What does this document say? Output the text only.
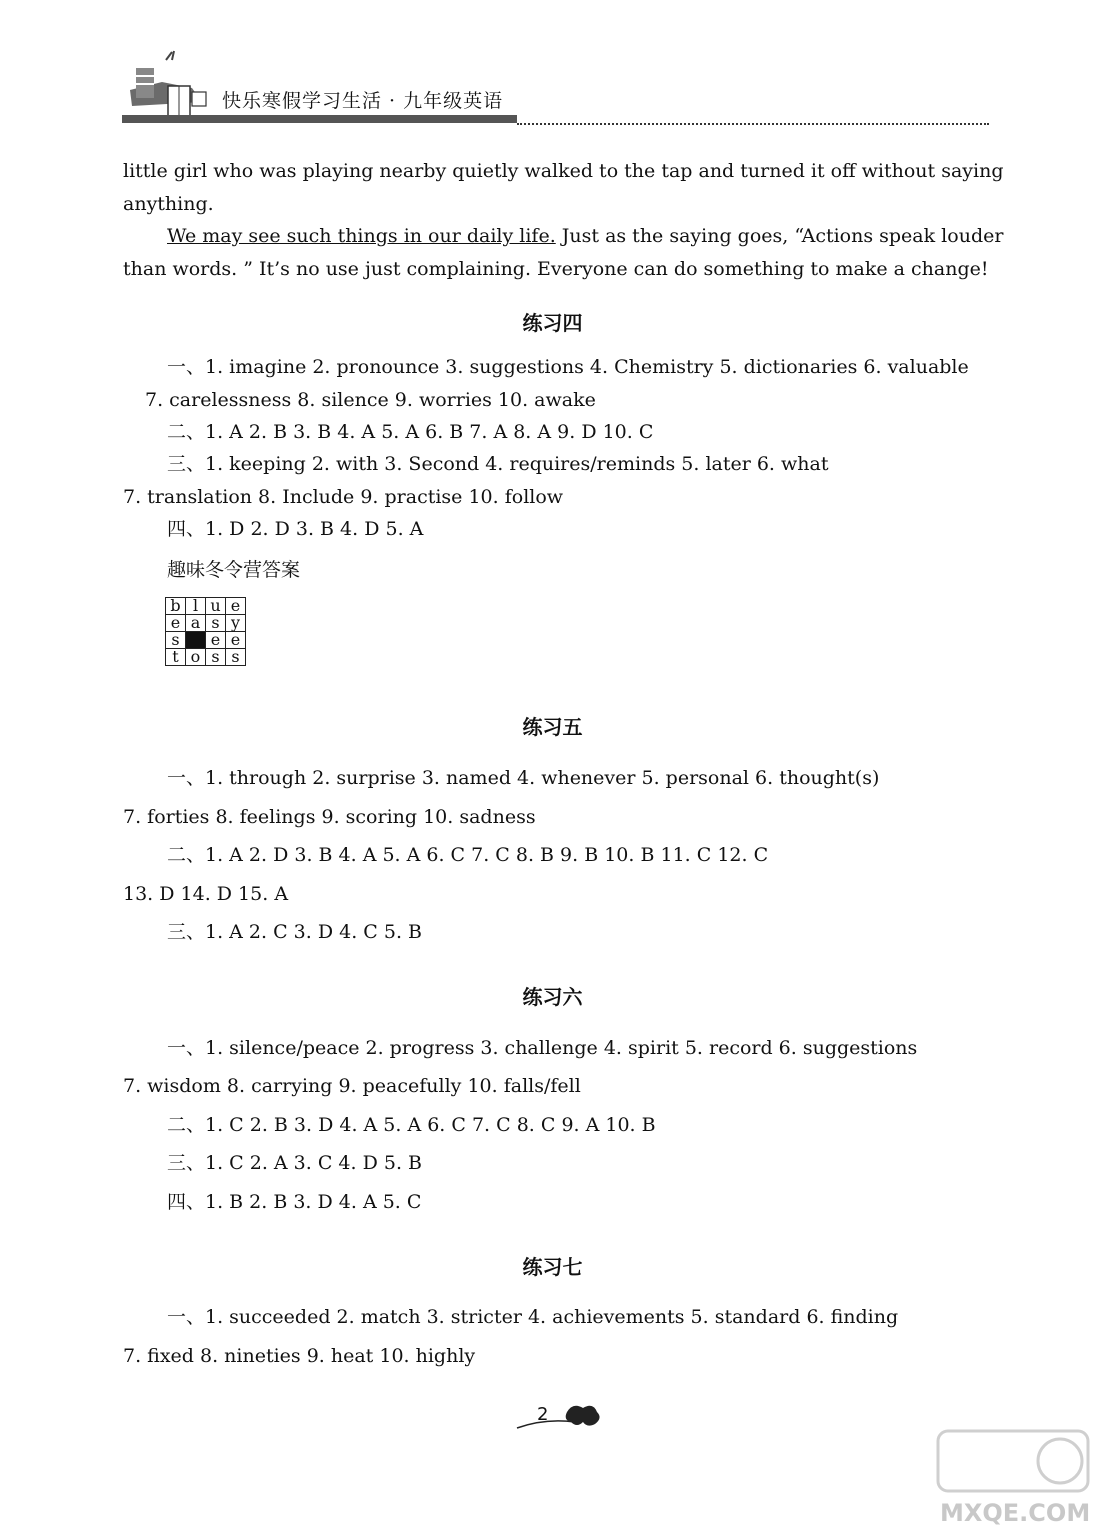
快乐寒假学习生活 · 九年级英语
little girl who was playing nearby quietly walked to the tap and turned it off without saying
anything.
We may see such things in our daily life. Just as the saying goes, “Actions speak louder
than words. ” It’s no use just complaining. Everyone can do something to make a change!
练习四
一、1. imagine 2. pronounce 3. suggestions 4. Chemistry 5. dictionaries 6. valuable
7. carelessness 8. silence 9. worries 10. awake
二、1. A 2. B 3. B 4. A 5. A 6. B 7. A 8. A 9. D 10. C
三、1. keeping 2. with 3. Second 4. requires/reminds 5. later 6. what
7. translation 8. Include 9. practise 10. follow
四、1. D 2. D 3. B 4. D 5. A
趣味冬令营答案
b	l	u	e
e	a	s	y
s		e	e
t	o	s	s
练习五
一、1. through 2. surprise 3. named 4. whenever 5. personal 6. thought(s)
7. forties 8. feelings 9. scoring 10. sadness
二、1. A 2. D 3. B 4. A 5. A 6. C 7. C 8. B 9. B 10. B 11. C 12. C
13. D 14. D 15. A
三、1. A 2. C 3. D 4. C 5. B
练习六
一、1. silence/peace 2. progress 3. challenge 4. spirit 5. record 6. suggestions
7. wisdom 8. carrying 9. peacefully 10. falls/fell
二、1. C 2. B 3. D 4. A 5. A 6. C 7. C 8. C 9. A 10. B
三、1. C 2. A 3. C 4. D 5. B
四、1. B 2. B 3. D 4. A 5. C
练习七
一、1. succeeded 2. match 3. stricter 4. achievements 5. standard 6. finding
7. fixed 8. nineties 9. heat 10. highly
2
MXQE.COM
